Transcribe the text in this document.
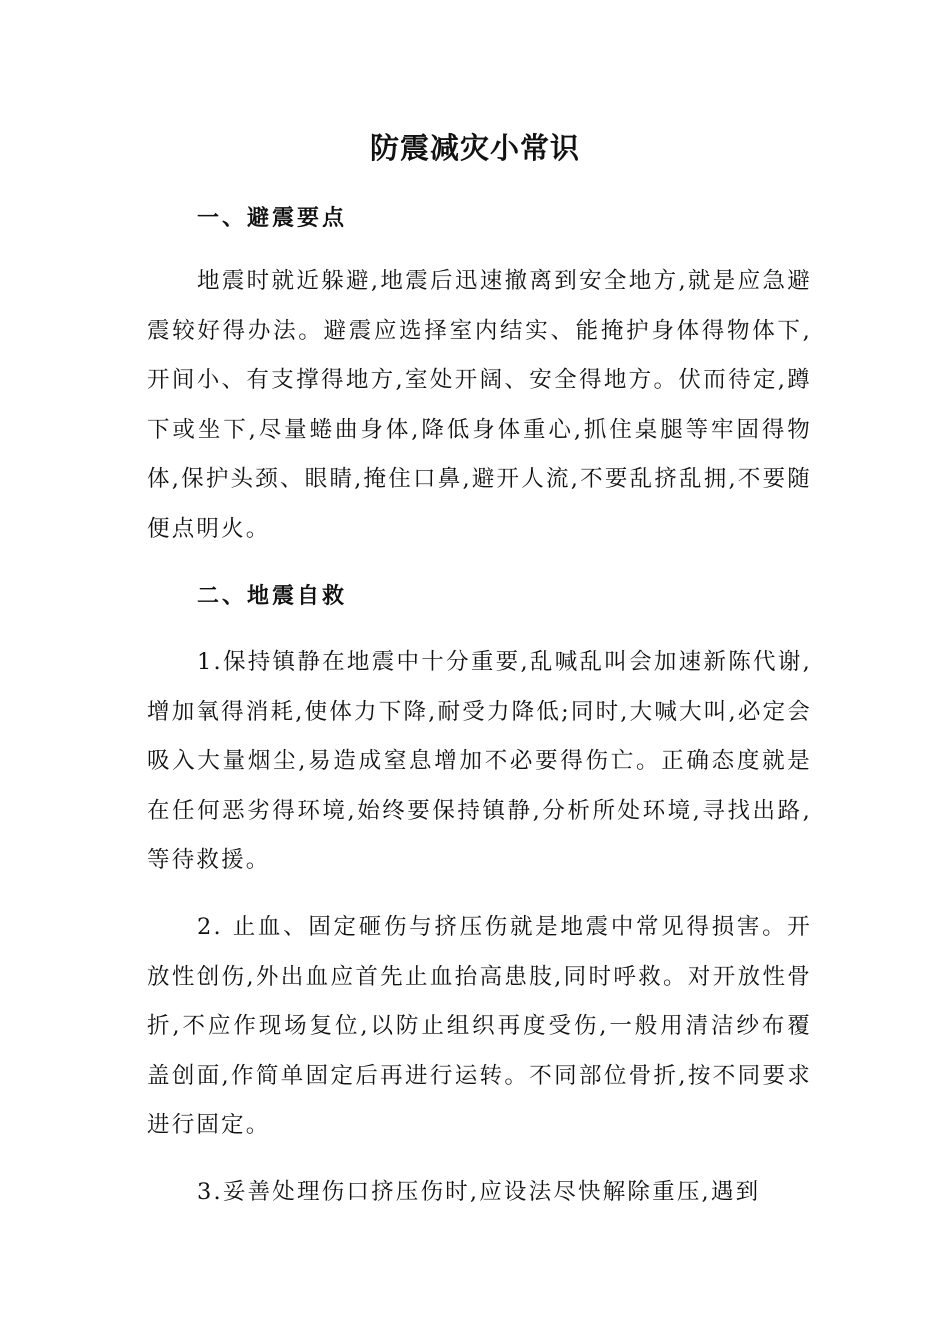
防震减灾小常识
一、避震要点

地震时就近躲避,地震后迅速撤离到安全地方,就是应急避震较好得办法。避震应选择室内结实、能掩护身体得物体下,开间小、有支撑得地方,室处开阔、安全得地方。伏而待定,蹲下或坐下,尽量蜷曲身体,降低身体重心,抓住桌腿等牢固得物体,保护头颈、眼睛,掩住口鼻,避开人流,不要乱挤乱拥,不要随便点明火。

二、地震自救

1.保持镇静在地震中十分重要,乱喊乱叫会加速新陈代谢,增加氧得消耗,使体力下降,耐受力降低;同时,大喊大叫,必定会吸入大量烟尘,易造成窒息增加不必要得伤亡。正确态度就是在任何恶劣得环境,始终要保持镇静,分析所处环境,寻找出路,等待救援。

2. 止血、固定砸伤与挤压伤就是地震中常见得损害。开放性创伤,外出血应首先止血抬高患肢,同时呼救。对开放性骨折,不应作现场复位,以防止组织再度受伤,一般用清洁纱布覆盖创面,作简单固定后再进行运转。不同部位骨折,按不同要求进行固定。

3.妥善处理伤口挤压伤时,应设法尽快解除重压,遇到
